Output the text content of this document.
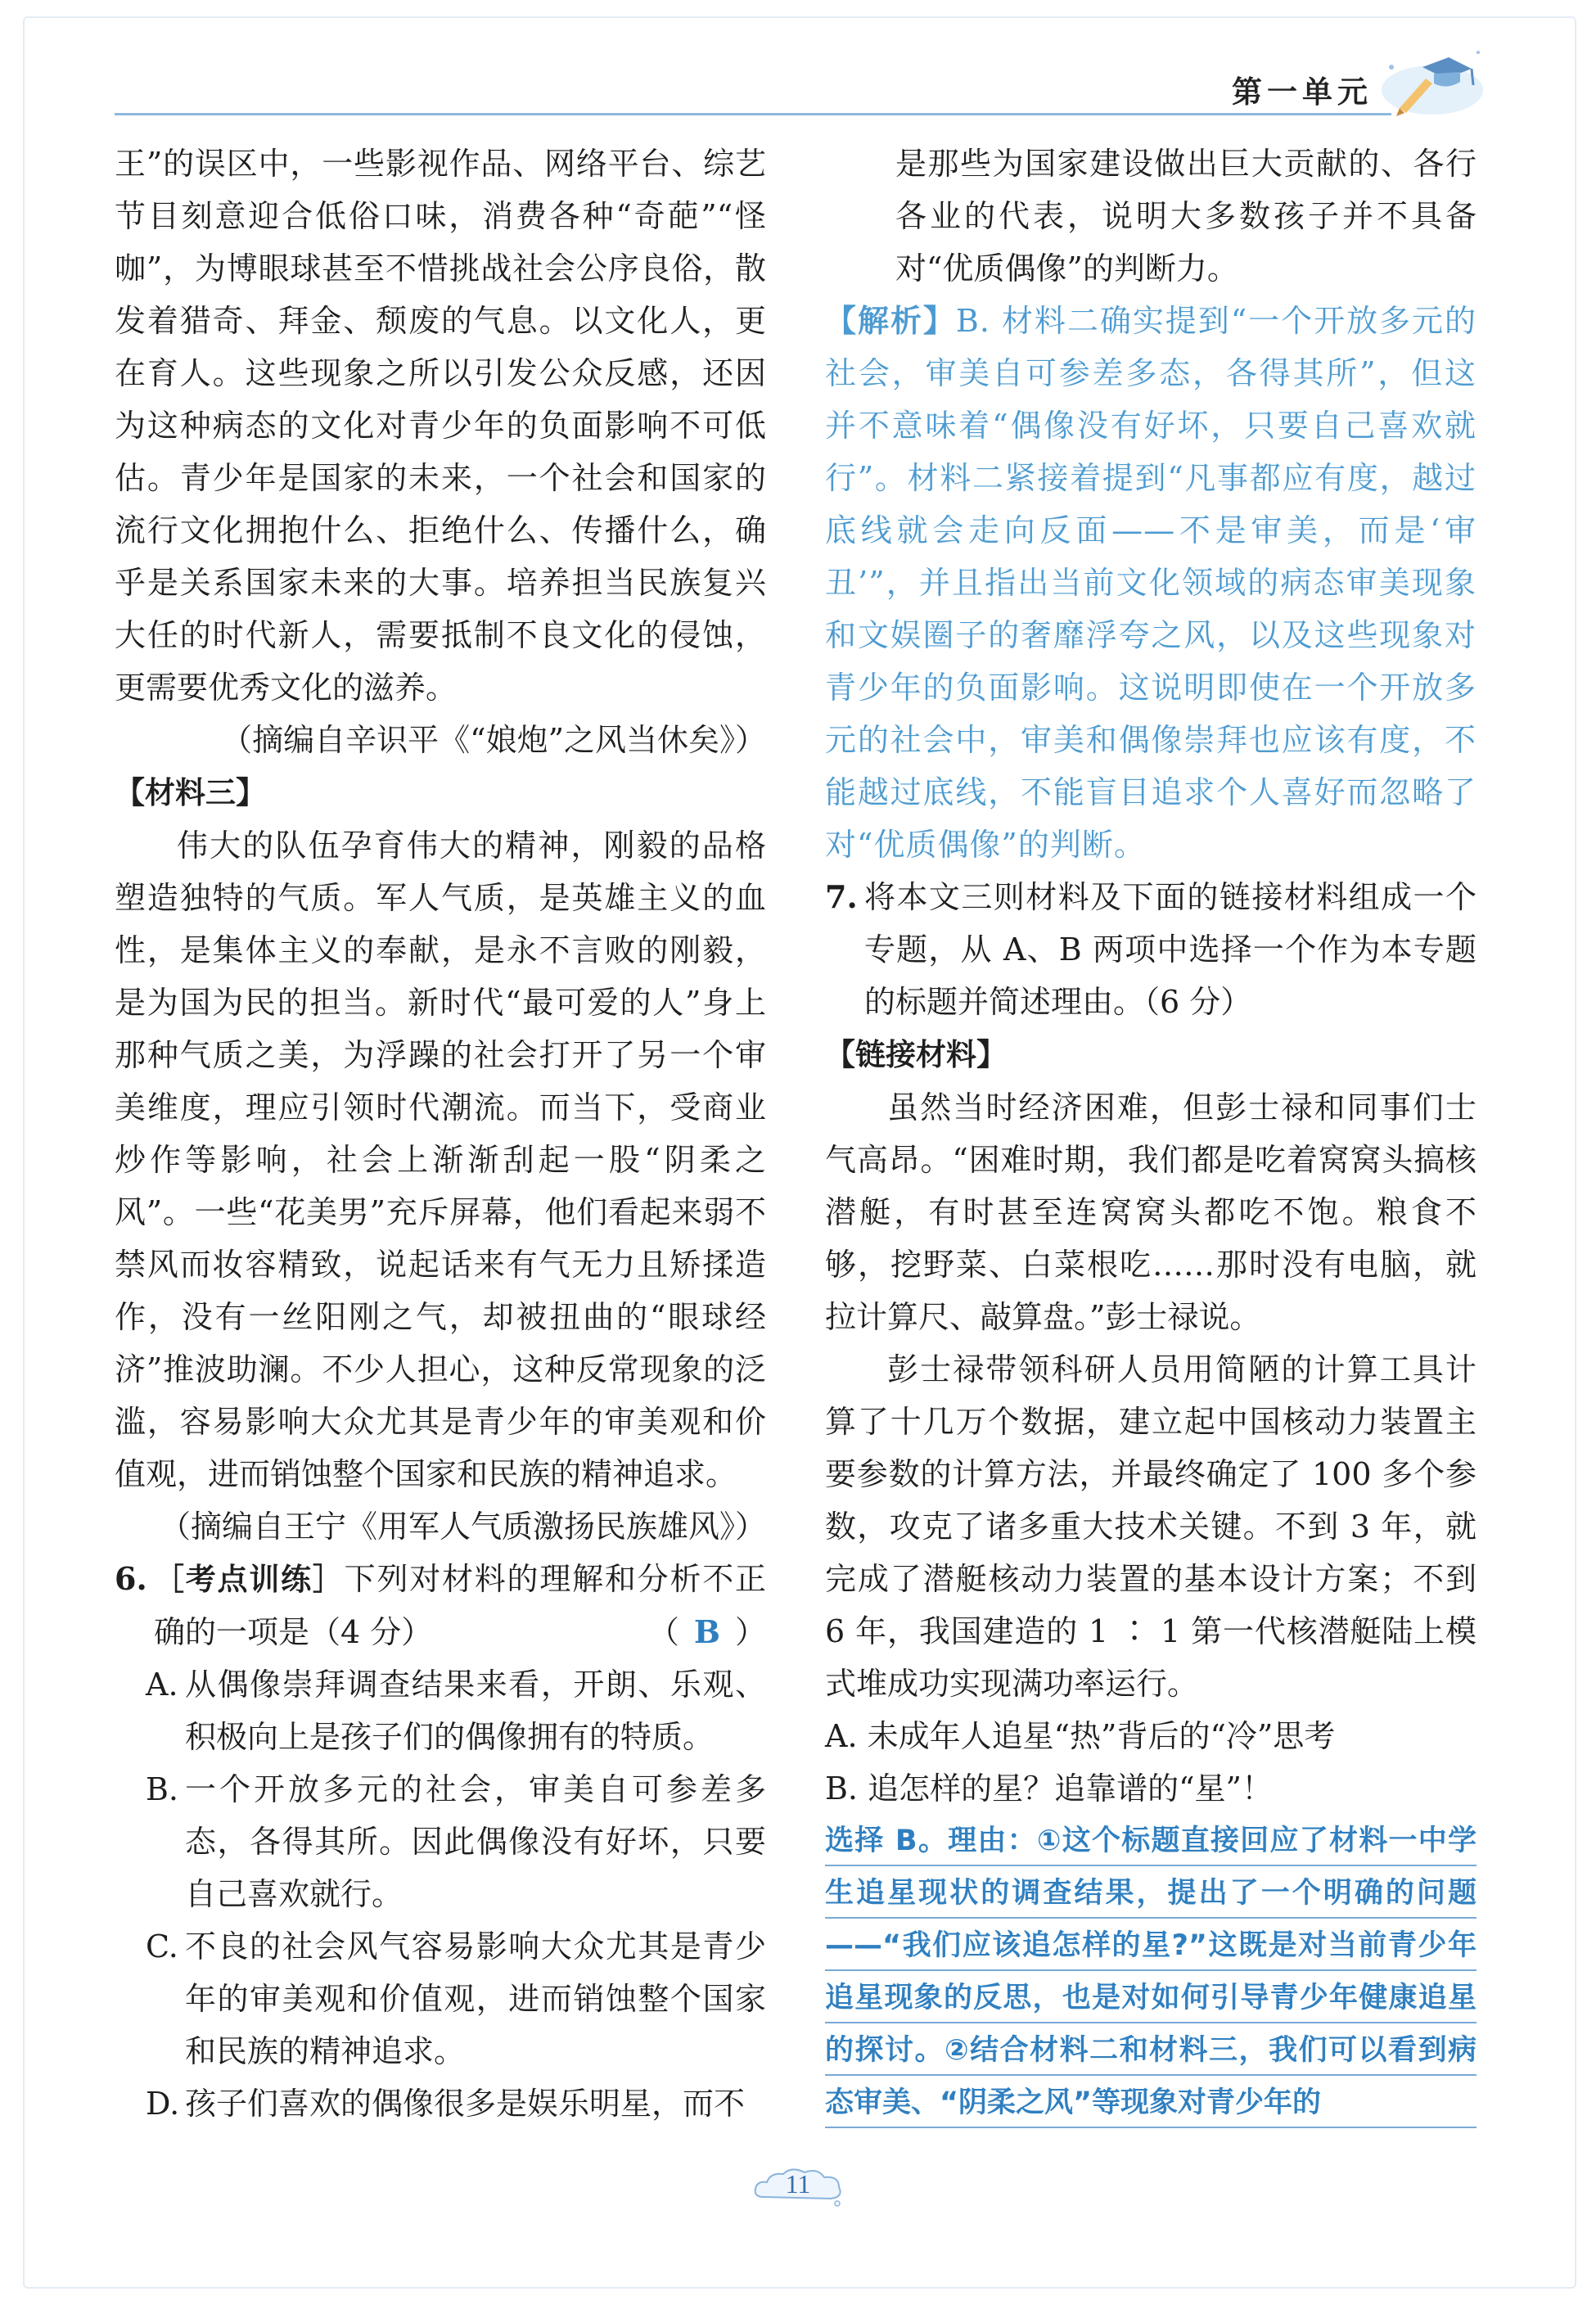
第一单元

王”的误区中，一些影视作品、网络平台、综艺节目刻意迎合低俗口味，消费各种“奇葩”“怪咖”，为博眼球甚至不惜挑战社会公序良俗，散发着猎奇、拜金、颓废的气息。以文化人，更在育人。这些现象之所以引发公众反感，还因为这种病态的文化对青少年的负面影响不可低估。青少年是国家的未来，一个社会和国家的流行文化拥抱什么、拒绝什么、传播什么，确乎是关系国家未来的大事。培养担当民族复兴大任的时代新人，需要抵制不良文化的侵蚀，更需要优秀文化的滋养。

（摘编自辛识平《“娘炮”之风当休矣》）

【材料三】

伟大的队伍孕育伟大的精神，刚毅的品格塑造独特的气质。军人气质，是英雄主义的血性，是集体主义的奉献，是永不言败的刚毅，是为国为民的担当。新时代“最可爱的人”身上那种气质之美，为浮躁的社会打开了另一个审美维度，理应引领时代潮流。而当下，受商业炒作等影响，社会上渐渐刮起一股“阴柔之风”。一些“花美男”充斥屏幕，他们看起来弱不禁风而妆容精致，说起话来有气无力且矫揉造作，没有一丝阳刚之气，却被扭曲的“眼球经济”推波助澜。不少人担心，这种反常现象的泛滥，容易影响大众尤其是青少年的审美观和价值观，进而销蚀整个国家和民族的精神追求。

（摘编自王宁《用军人气质激扬民族雄风》）

6. ［考点训练］下列对材料的理解和分析不正确的一项是（4 分）	（ B ）
A. 从偶像崇拜调查结果来看，开朗、乐观、积极向上是孩子们的偶像拥有的特质。
B. 一个开放多元的社会，审美自可参差多态，各得其所。因此偶像没有好坏，只要自己喜欢就行。
C. 不良的社会风气容易影响大众尤其是青少年的审美观和价值观，进而销蚀整个国家和民族的精神追求。
D. 孩子们喜欢的偶像很多是娱乐明星，而不

是那些为国家建设做出巨大贡献的、各行各业的代表，说明大多数孩子并不具备对“优质偶像”的判断力。

【解析】B. 材料二确实提到“一个开放多元的社会，审美自可参差多态，各得其所”，但这并不意味着“偶像没有好坏，只要自己喜欢就行”。材料二紧接着提到“凡事都应有度，越过底线就会走向反面——不是审美，而是‘审丑’”，并且指出当前文化领域的病态审美现象和文娱圈子的奢靡浮夸之风，以及这些现象对青少年的负面影响。这说明即使在一个开放多元的社会中，审美和偶像崇拜也应该有度，不能越过底线，不能盲目追求个人喜好而忽略了对“优质偶像”的判断。

7. 将本文三则材料及下面的链接材料组成一个专题，从 A、B 两项中选择一个作为本专题的标题并简述理由。（6 分）

【链接材料】

虽然当时经济困难，但彭士禄和同事们士气高昂。“困难时期，我们都是吃着窝窝头搞核潜艇，有时甚至连窝窝头都吃不饱。粮食不够，挖野菜、白菜根吃……那时没有电脑，就拉计算尺、敲算盘。”彭士禄说。

彭士禄带领科研人员用简陋的计算工具计算了十几万个数据，建立起中国核动力装置主要参数的计算方法，并最终确定了 100 多个参数，攻克了诸多重大技术关键。不到 3 年，就完成了潜艇核动力装置的基本设计方案；不到 6 年，我国建造的 1 ∶ 1 第一代核潜艇陆上模式堆成功实现满功率运行。

A. 未成年人追星“热”背后的“冷”思考

B. 追怎样的星？追靠谱的“星”！

选择 B。理由：①这个标题直接回应了材料一中学生追星现状的调查结果，提出了一个明确的问题——“我们应该追怎样的星?”这既是对当前青少年追星现象的反思，也是对如何引导青少年健康追星的探讨。②结合材料二和材料三，我们可以看到病态审美、“阴柔之风”等现象对青少年的

11
